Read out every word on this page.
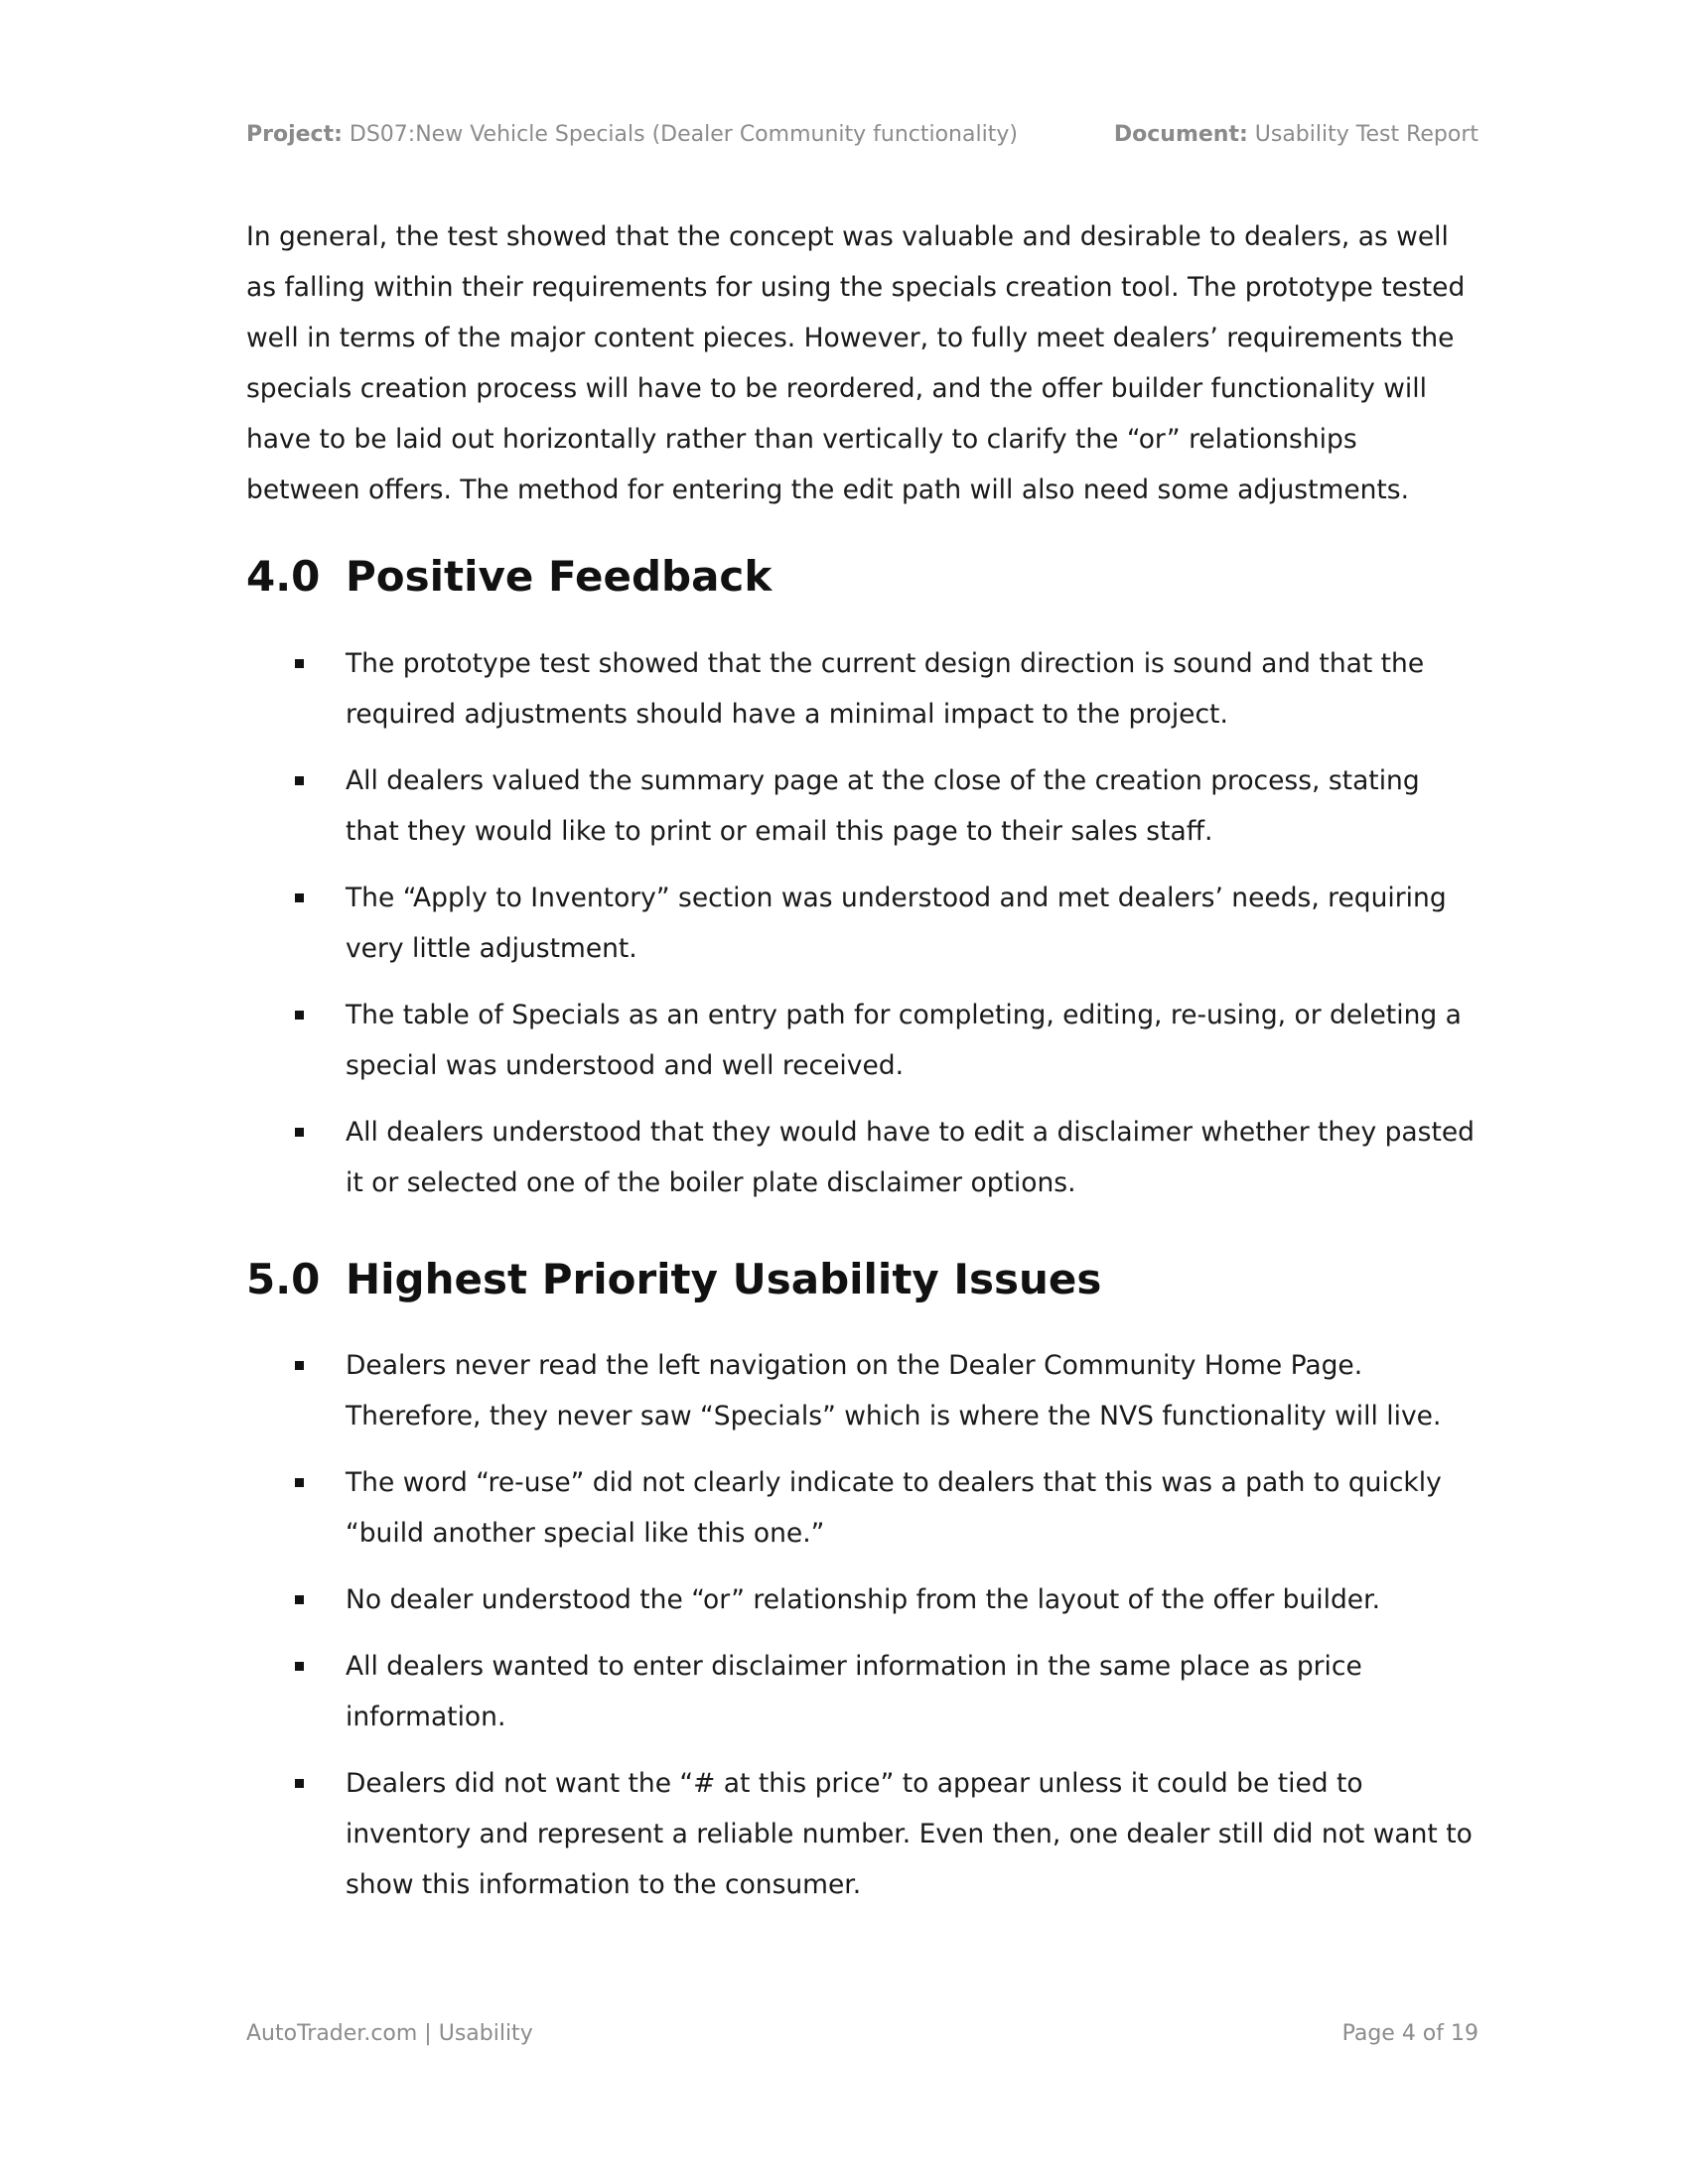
Project: DS07:New Vehicle Specials (Dealer Community functionality)	Document: Usability Test Report

In general, the test showed that the concept was valuable and desirable to dealers, as well as falling within their requirements for using the specials creation tool. The prototype tested well in terms of the major content pieces. However, to fully meet dealers’ requirements the specials creation process will have to be reordered, and the offer builder functionality will have to be laid out horizontally rather than vertically to clarify the “or” relationships between offers. The method for entering the edit path will also need some adjustments.

4.0 Positive Feedback
The prototype test showed that the current design direction is sound and that the required adjustments should have a minimal impact to the project.
All dealers valued the summary page at the close of the creation process, stating that they would like to print or email this page to their sales staff.
The “Apply to Inventory” section was understood and met dealers’ needs, requiring very little adjustment.
The table of Specials as an entry path for completing, editing, re-using, or deleting a special was understood and well received.
All dealers understood that they would have to edit a disclaimer whether they pasted it or selected one of the boiler plate disclaimer options.
5.0 Highest Priority Usability Issues
Dealers never read the left navigation on the Dealer Community Home Page. Therefore, they never saw “Specials” which is where the NVS functionality will live.
The word “re-use” did not clearly indicate to dealers that this was a path to quickly “build another special like this one.”
No dealer understood the “or” relationship from the layout of the offer builder.
All dealers wanted to enter disclaimer information in the same place as price information.
Dealers did not want the “# at this price” to appear unless it could be tied to inventory and represent a reliable number. Even then, one dealer still did not want to show this information to the consumer.
AutoTrader.com | Usability	Page 4 of 19
